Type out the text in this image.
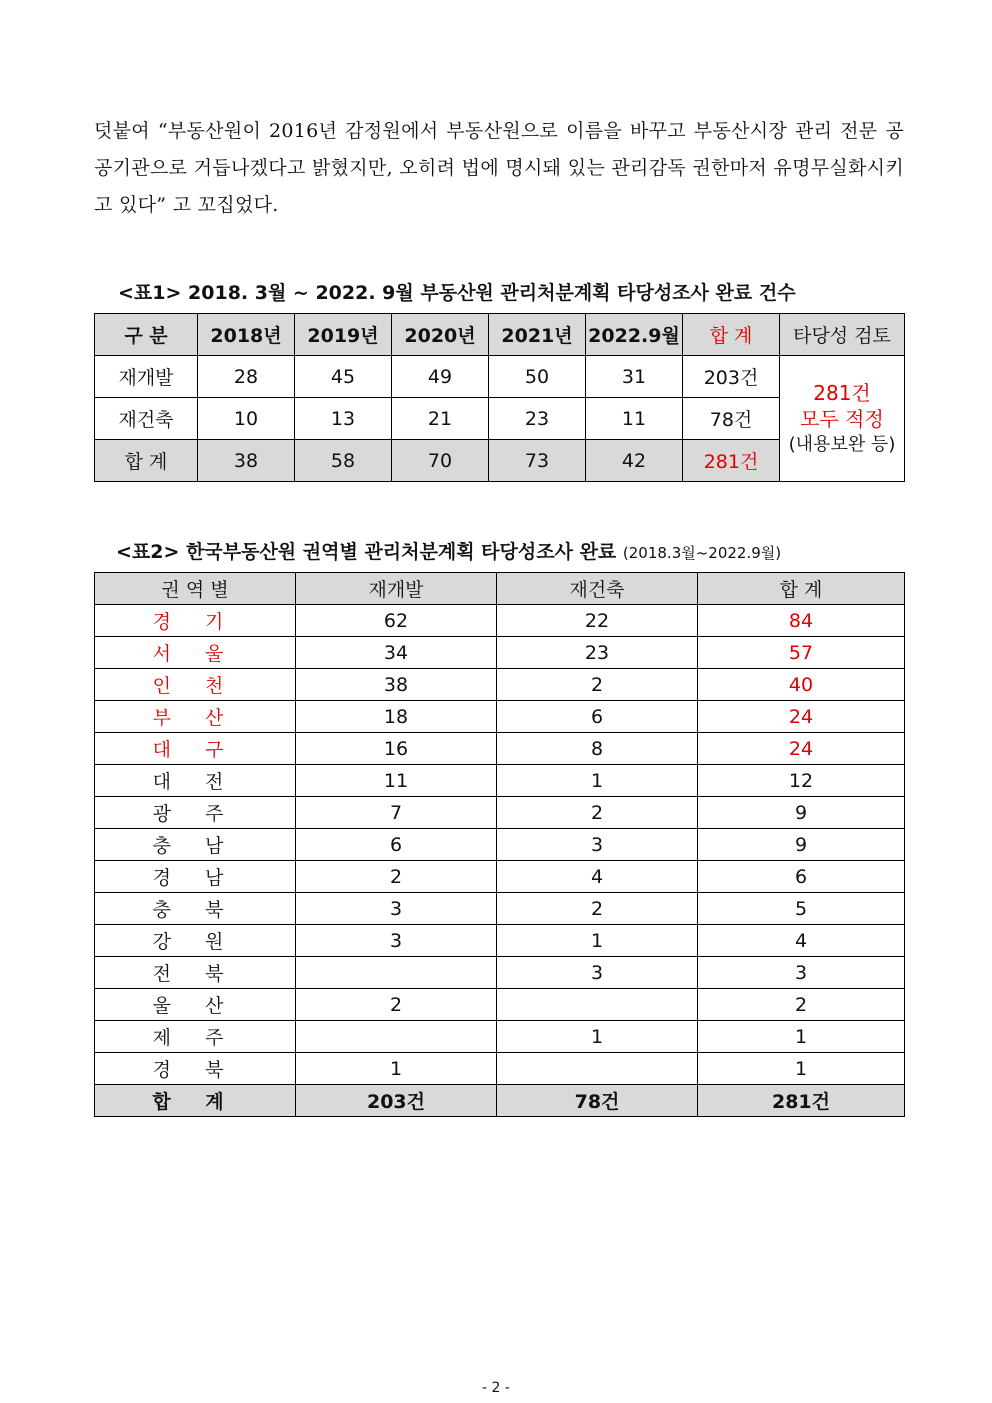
덧붙여 “부동산원이 2016년 감정원에서 부동산원으로 이름을 바꾸고 부동산시장 관리 전문 공공기관으로 거듭나겠다고 밝혔지만, 오히려 법에 명시돼 있는 관리감독 권한마저 유명무실화시키고 있다” 고 꼬집었다.

<표1> 2018. 3월 ~ 2022. 9월 부동산원 관리처분계획 타당성조사 완료 건수
구 분	2018년	2019년	2020년	2021년	2022.9월	합 계	타당성 검토
재개발	28	45	49	50	31	203건	281건
모두 적정
(내용보완 등)

재건축	10	13	21	23	11	78건	
합 계	38	58	70	73	42	281건	
<표2> 한국부동산원 권역별 관리처분계획 타당성조사 완료 (2018.3월~2022.9월)
권 역 별	재개발	재건축	합 계
경 기	62	22	84
서 울	34	23	57
인 천	38	2	40
부 산	18	6	24
대 구	16	8	24
대 전	11	1	12
광 주	7	2	9
충 남	6	3	9
경 남	2	4	6
충 북	3	2	5
강 원	3	1	4
전 북		3	3
울 산	2		2
제 주		1	1
경 북	1		1
합 계	203건	78건	281건
- 2 -
